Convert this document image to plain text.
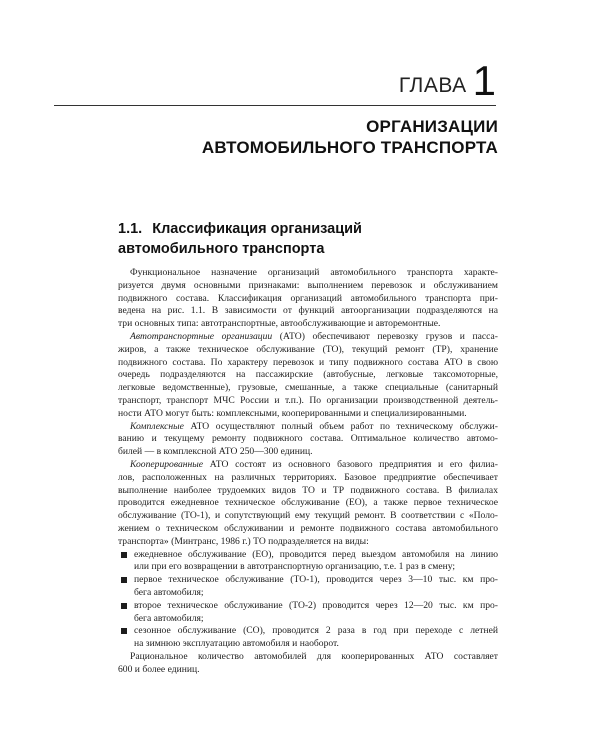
ГЛАВА 1
ОРГАНИЗАЦИИ
АВТОМОБИЛЬНОГО ТРАНСПОРТА
1.1. Классификация организаций
автомобильного транспорта
Функциональное назначение организаций автомобильного транспорта характе-
ризуется двумя основными признаками: выполнением перевозок и обслуживанием
подвижного состава. Классификация организаций автомобильного транспорта при-
ведена на рис. 1.1. В зависимости от функций автоорганизации подразделяются на
три основных типа: автотранспортные, автообслуживающие и авторемонтные.
Автотранспортные организации (АТО) обеспечивают перевозку грузов и пасса-
жиров, а также техническое обслуживание (ТО), текущий ремонт (ТР), хранение
подвижного состава. По характеру перевозок и типу подвижного состава АТО в свою
очередь подразделяются на пассажирские (автобусные, легковые таксомоторные,
легковые ведомственные), грузовые, смешанные, а также специальные (санитарный
транспорт, транспорт МЧС России и т.п.). По организации производственной деятель-
ности АТО могут быть: комплексными, кооперированными и специализированными.
Комплексные АТО осуществляют полный объем работ по техническому обслужи-
ванию и текущему ремонту подвижного состава. Оптимальное количество автомо-
билей — в комплексной АТО 250—300 единиц.
Кооперированные АТО состоят из основного базового предприятия и его филиа-
лов, расположенных на различных территориях. Базовое предприятие обеспечивает
выполнение наиболее трудоемких видов ТО и ТР подвижного состава. В филиалах
проводится ежедневное техническое обслуживание (ЕО), а также первое техническое
обслуживание (ТО-1), и сопутствующий ему текущий ремонт. В соответствии с «Поло-
жением о техническом обслуживании и ремонте подвижного состава автомобильного
транспорта» (Минтранс, 1986 г.) ТО подразделяется на виды:
ежедневное обслуживание (ЕО), проводится перед выездом автомобиля на линию
или при его возвращении в автотранспортную организацию, т.е. 1 раз в смену;
первое техническое обслуживание (ТО-1), проводится через 3—10 тыс. км про-
бега автомобиля;
второе техническое обслуживание (ТО-2) проводится через 12—20 тыс. км про-
бега автомобиля;
сезонное обслуживание (СО), проводится 2 раза в год при переходе с летней
на зимнюю эксплуатацию автомобиля и наоборот.
Рациональное количество автомобилей для кооперированных АТО составляет
600 и более единиц.
